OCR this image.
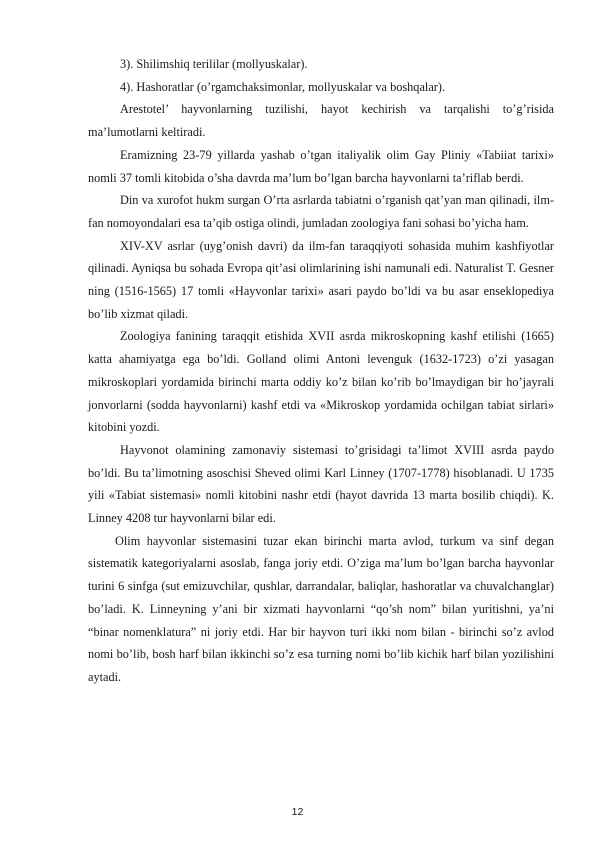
3). Shilimshiq terililar (mollyuskalar).

4). Hashoratlar (o’rgamchaksimonlar, mollyuskalar va boshqalar).

Arestotel’ hayvonlarning tuzilishi, hayot kechirish va tarqalishi to’g’risida ma’lumotlarni keltiradi.

Eramizning 23-79 yillarda yashab o’tgan italiyalik olim Gay Pliniy «Tabiiat tarixi» nomli 37 tomli kitobida o’sha davrda ma’lum bo’lgan barcha hayvonlarni ta’riflab berdi.

Din va xurofot hukm surgan O’rta asrlarda tabiatni o’rganish qat’yan man qilinadi, ilm-fan nomoyondalari esa ta’qib ostiga olindi, jumladan zoologiya fani sohasi bo’yicha ham.

XIV-XV asrlar (uyg’onish davri) da ilm-fan taraqqiyoti sohasida muhim kashfiyotlar qilinadi. Ayniqsa bu sohada Evropa qit’asi olimlarining ishi namunali edi. Naturalist T. Gesner ning (1516-1565) 17 tomli «Hayvonlar tarixi» asari paydo bo’ldi va bu asar enseklopediya bo’lib xizmat qiladi.

Zoologiya fanining taraqqit etishida XVII asrda mikroskopning kashf etilishi (1665) katta ahamiyatga ega bo’ldi. Golland olimi Antoni levenguk (1632-1723) o’zi yasagan mikroskoplari yordamida birinchi marta oddiy ko’z bilan ko’rib bo’lmaydigan bir ho’jayrali jonvorlarni (sodda hayvonlarni) kashf etdi va «Mikroskop yordamida ochilgan tabiat sirlari» kitobini yozdi.

Hayvonot olamining zamonaviy sistemasi to’grisidagi ta’limot XVIII asrda paydo bo’ldi. Bu ta’limotning asoschisi Sheved olimi Karl Linney (1707-1778) hisoblanadi. U 1735 yili «Tabiat sistemasi» nomli kitobini nashr etdi (hayot davrida 13 marta bosilib chiqdi). K. Linney 4208 tur hayvonlarni bilar edi.

Olim hayvonlar sistemasini tuzar ekan birinchi marta avlod, turkum va sinf degan sistematik kategoriyalarni asoslab, fanga joriy etdi. O’ziga ma’lum bo’lgan barcha hayvonlar turini 6 sinfga (sut emizuvchilar, qushlar, darrandalar, baliqlar, hashoratlar va chuvalchanglar) bo’ladi. K. Linneyning y’ani bir xizmati hayvonlarni “qo’sh nom” bilan yuritishni, ya’ni “binar nomenklatura” ni joriy etdi. Har bir hayvon turi ikki nom bilan - birinchi so’z avlod nomi bo’lib, bosh harf bilan ikkinchi so’z esa turning nomi bo’lib kichik harf bilan yozilishini aytadi.

12
